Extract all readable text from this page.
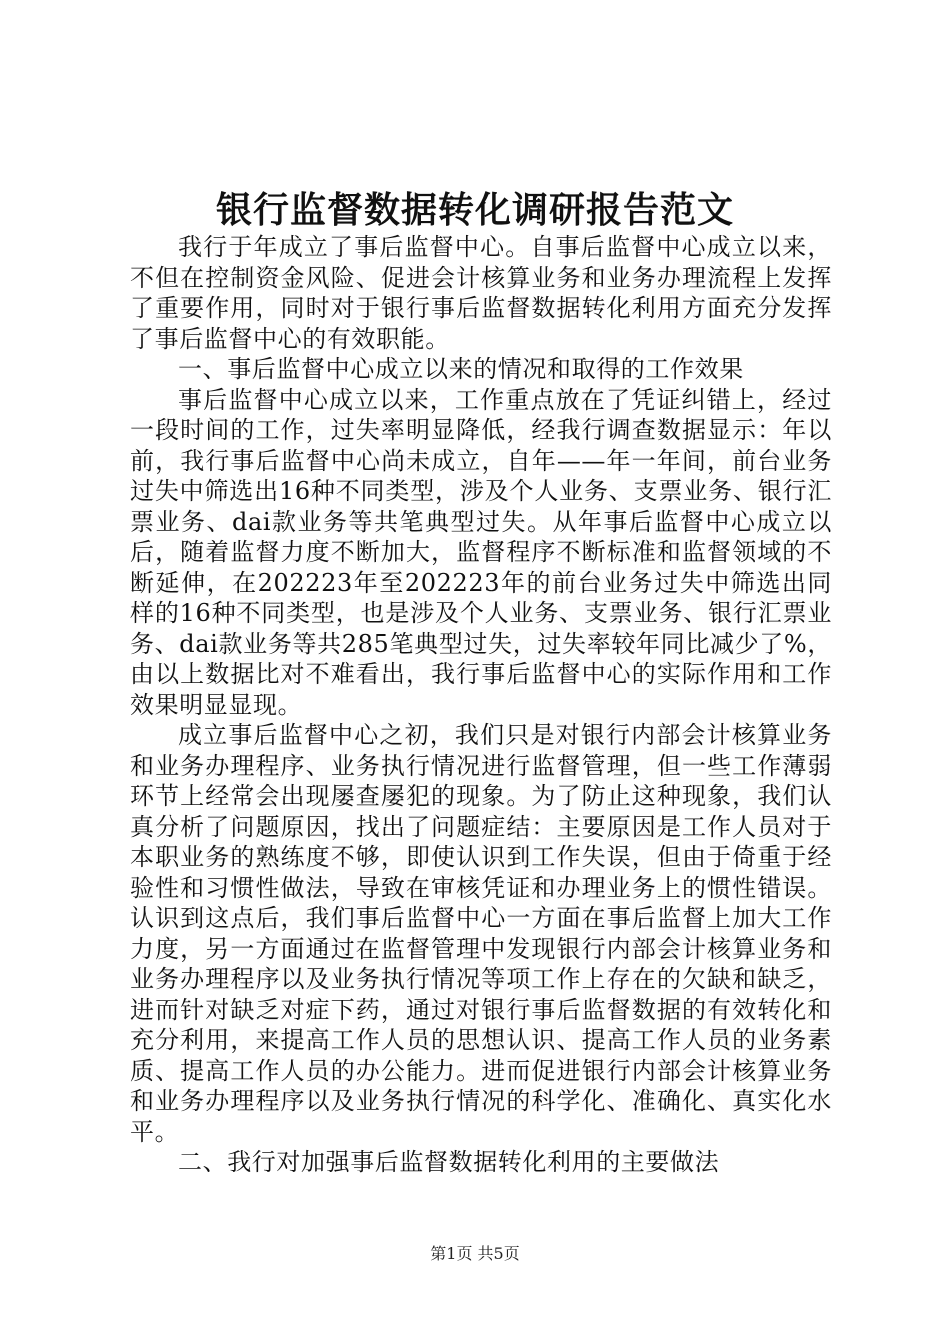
银行监督数据转化调研报告范文

我行于年成立了事后监督中心。自事后监督中心成立以来，不但在控制资金风险、促进会计核算业务和业务办理流程上发挥了重要作用，同时对于银行事后监督数据转化利用方面充分发挥了事后监督中心的有效职能。

一、事后监督中心成立以来的情况和取得的工作效果

事后监督中心成立以来，工作重点放在了凭证纠错上，经过一段时间的工作，过失率明显降低，经我行调查数据显示：年以前，我行事后监督中心尚未成立，自年——年一年间，前台业务过失中筛选出16种不同类型，涉及个人业务、支票业务、银行汇票业务、dai款业务等共笔典型过失。从年事后监督中心成立以后，随着监督力度不断加大，监督程序不断标准和监督领域的不断延伸，在202223年至202223年的前台业务过失中筛选出同样的16种不同类型，也是涉及个人业务、支票业务、银行汇票业务、dai款业务等共285笔典型过失，过失率较年同比减少了%，由以上数据比对不难看出，我行事后监督中心的实际作用和工作效果明显显现。

成立事后监督中心之初，我们只是对银行内部会计核算业务和业务办理程序、业务执行情况进行监督管理，但一些工作薄弱环节上经常会出现屡查屡犯的现象。为了防止这种现象，我们认真分析了问题原因，找出了问题症结：主要原因是工作人员对于本职业务的熟练度不够，即使认识到工作失误，但由于倚重于经验性和习惯性做法，导致在审核凭证和办理业务上的惯性错误。认识到这点后，我们事后监督中心一方面在事后监督上加大工作力度，另一方面通过在监督管理中发现银行内部会计核算业务和业务办理程序以及业务执行情况等项工作上存在的欠缺和缺乏，进而针对缺乏对症下药，通过对银行事后监督数据的有效转化和充分利用，来提高工作人员的思想认识、提高工作人员的业务素质、提高工作人员的办公能力。进而促进银行内部会计核算业务和业务办理程序以及业务执行情况的科学化、准确化、真实化水平。

二、我行对加强事后监督数据转化利用的主要做法

第1页 共5页
